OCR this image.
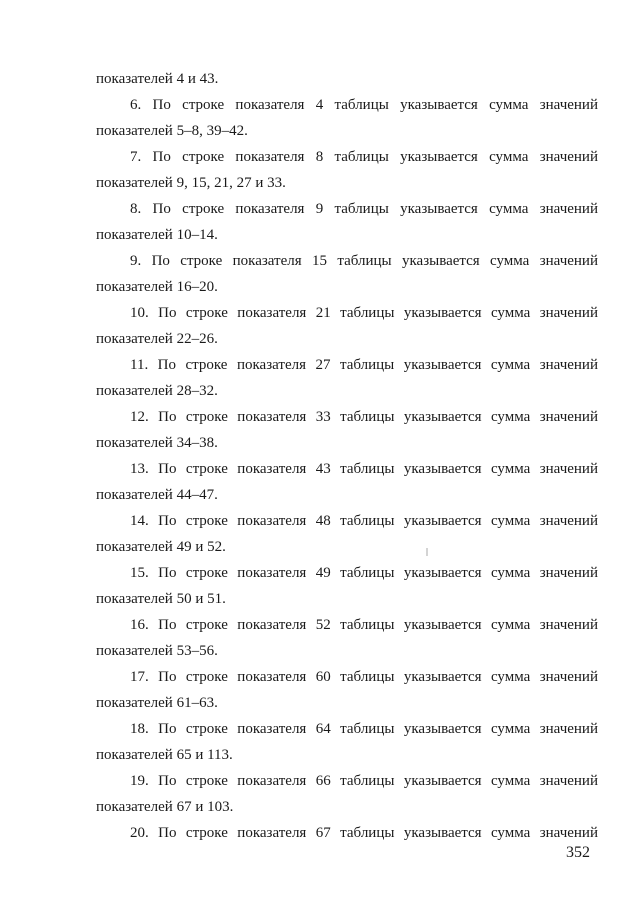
показателей 4 и 43.
6. По строке показателя 4 таблицы указывается сумма значений
показателей 5–8, 39–42.
7. По строке показателя 8 таблицы указывается сумма значений
показателей 9, 15, 21, 27 и 33.
8. По строке показателя 9 таблицы указывается сумма значений
показателей 10–14.
9. По строке показателя 15 таблицы указывается сумма значений
показателей 16–20.
10. По строке показателя 21 таблицы указывается сумма значений
показателей 22–26.
11. По строке показателя 27 таблицы указывается сумма значений
показателей 28–32.
12. По строке показателя 33 таблицы указывается сумма значений
показателей 34–38.
13. По строке показателя 43 таблицы указывается сумма значений
показателей 44–47.
14. По строке показателя 48 таблицы указывается сумма значений
показателей 49 и 52.
15. По строке показателя 49 таблицы указывается сумма значений
показателей 50 и 51.
16. По строке показателя 52 таблицы указывается сумма значений
показателей 53–56.
17. По строке показателя 60 таблицы указывается сумма значений
показателей 61–63.
18. По строке показателя 64 таблицы указывается сумма значений
показателей 65 и 113.
19. По строке показателя 66 таблицы указывается сумма значений
показателей 67 и 103.
20. По строке показателя 67 таблицы указывается сумма значений
352
